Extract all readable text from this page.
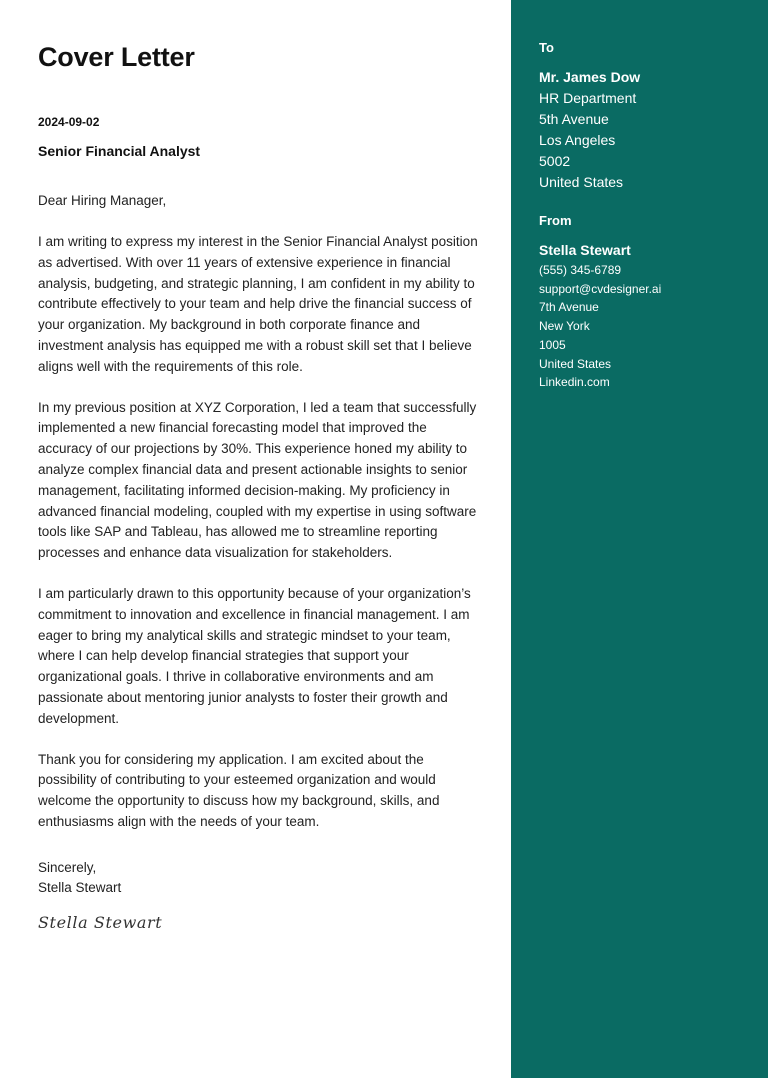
Cover Letter
2024-09-02
Senior Financial Analyst
Dear Hiring Manager,

I am writing to express my interest in the Senior Financial Analyst position as advertised. With over 11 years of extensive experience in financial analysis, budgeting, and strategic planning, I am confident in my ability to contribute effectively to your team and help drive the financial success of your organization. My background in both corporate finance and investment analysis has equipped me with a robust skill set that I believe aligns well with the requirements of this role.

In my previous position at XYZ Corporation, I led a team that successfully implemented a new financial forecasting model that improved the accuracy of our projections by 30%. This experience honed my ability to analyze complex financial data and present actionable insights to senior management, facilitating informed decision-making. My proficiency in advanced financial modeling, coupled with my expertise in using software tools like SAP and Tableau, has allowed me to streamline reporting processes and enhance data visualization for stakeholders.

I am particularly drawn to this opportunity because of your organization’s commitment to innovation and excellence in financial management. I am eager to bring my analytical skills and strategic mindset to your team, where I can help develop financial strategies that support your organizational goals. I thrive in collaborative environments and am passionate about mentoring junior analysts to foster their growth and development.

Thank you for considering my application. I am excited about the possibility of contributing to your esteemed organization and would welcome the opportunity to discuss how my background, skills, and enthusiasms align with the needs of your team.

Sincerely,
Stella Stewart
Stella Stewart
To
Mr. James Dow
HR Department
5th Avenue
Los Angeles
5002
United States
From
Stella Stewart
(555) 345-6789
support@cvdesigner.ai
7th Avenue
New York
1005
United States
Linkedin.com
